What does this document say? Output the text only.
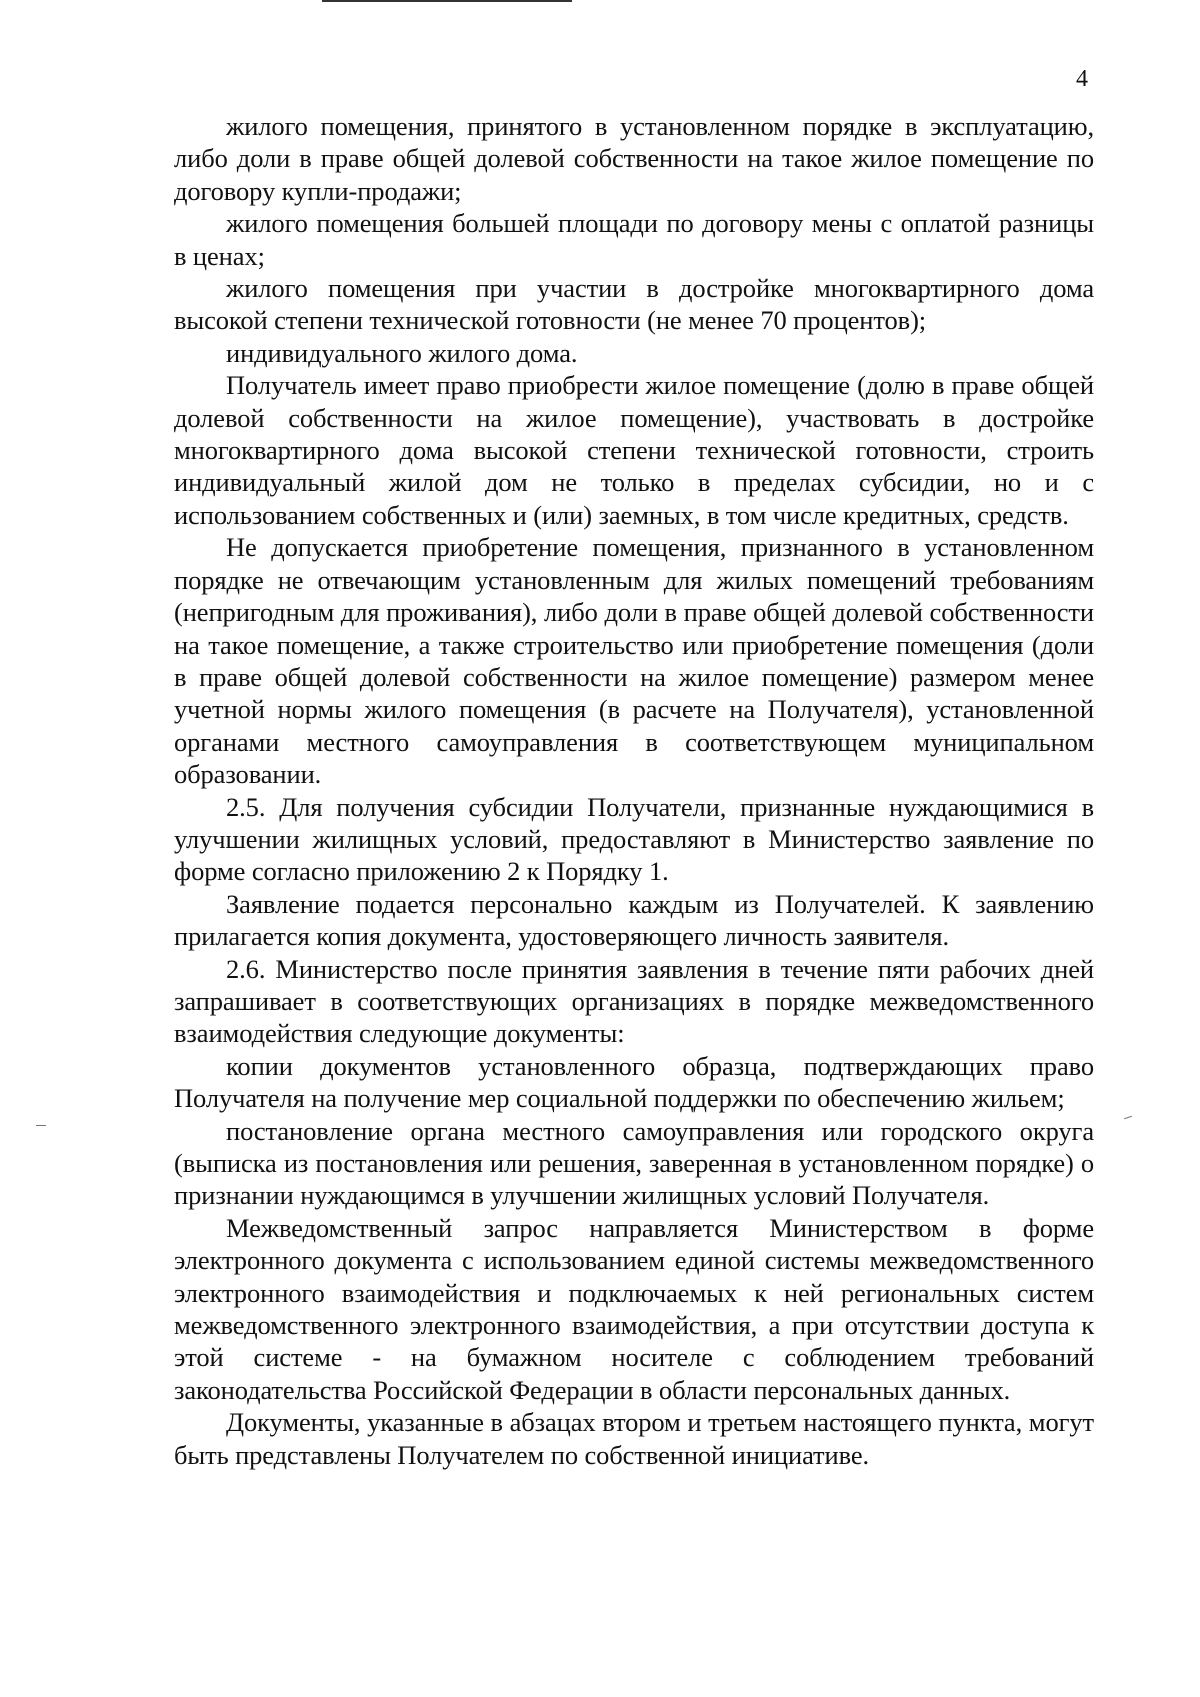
4

жилого помещения, принятого в установленном порядке в эксплуатацию, либо доли в праве общей долевой собственности на такое жилое помещение по договору купли-продажи;

жилого помещения большей площади по договору мены с оплатой разницы в ценах;

жилого помещения при участии в достройке многоквартирного дома высокой степени технической готовности (не менее 70 процентов);

индивидуального жилого дома.

Получатель имеет право приобрести жилое помещение (долю в праве общей долевой собственности на жилое помещение), участвовать в достройке многоквартирного дома высокой степени технической готовности, строить индивидуальный жилой дом не только в пределах субсидии, но и с использованием собственных и (или) заемных, в том числе кредитных, средств.

Не допускается приобретение помещения, признанного в установленном порядке не отвечающим установленным для жилых помещений требованиям (непригодным для проживания), либо доли в праве общей долевой собственности на такое помещение, а также строительство или приобретение помещения (доли в праве общей долевой собственности на жилое помещение) размером менее учетной нормы жилого помещения (в расчете на Получателя), установленной органами местного самоуправления в соответствующем муниципальном образовании.

2.5. Для получения субсидии Получатели, признанные нуждающимися в улучшении жилищных условий, предоставляют в Министерство заявление по форме согласно приложению 2 к Порядку 1.

Заявление подается персонально каждым из Получателей. К заявлению прилагается копия документа, удостоверяющего личность заявителя.

2.6. Министерство после принятия заявления в течение пяти рабочих дней запрашивает в соответствующих организациях в порядке межведомственного взаимодействия следующие документы:

копии документов установленного образца, подтверждающих право Получателя на получение мер социальной поддержки по обеспечению жильем;

постановление органа местного самоуправления или городского округа (выписка из постановления или решения, заверенная в установленном порядке) о признании нуждающимся в улучшении жилищных условий Получателя.

Межведомственный запрос направляется Министерством в форме электронного документа с использованием единой системы межведомственного электронного взаимодействия и подключаемых к ней региональных систем межведомственного электронного взаимодействия, а при отсутствии доступа к этой системе - на бумажном носителе с соблюдением требований законодательства Российской Федерации в области персональных данных.

Документы, указанные в абзацах втором и третьем настоящего пункта, могут быть представлены Получателем по собственной инициативе.
